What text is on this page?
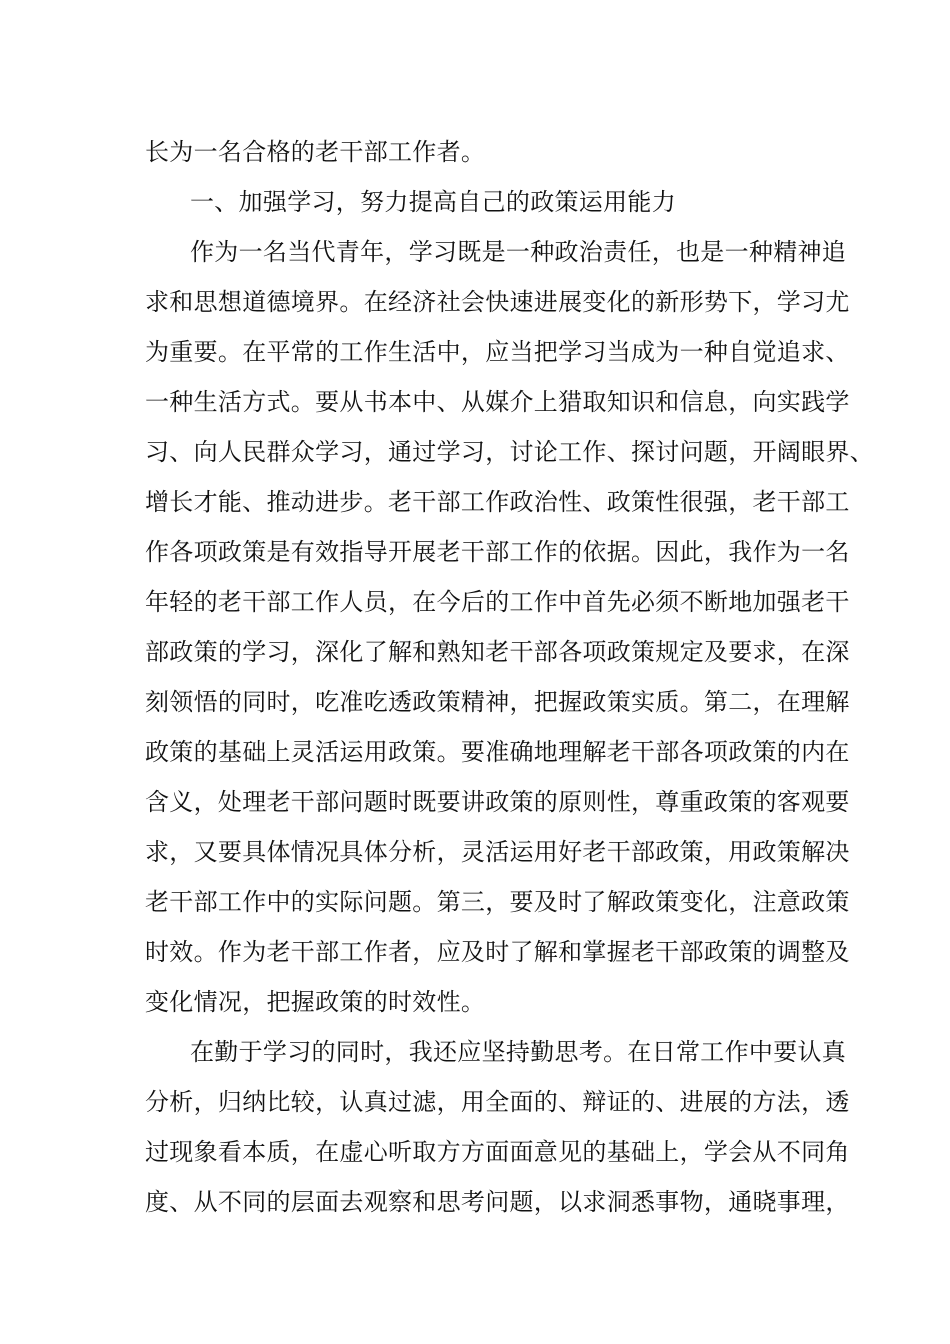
长为一名合格的老干部工作者。

一、加强学习，努力提高自己的政策运用能力

作为一名当代青年，学习既是一种政治责任，也是一种精神追

求和思想道德境界。在经济社会快速进展变化的新形势下，学习尤

为重要。在平常的工作生活中，应当把学习当成为一种自觉追求、

一种生活方式。要从书本中、从媒介上猎取知识和信息，向实践学

习、向人民群众学习，通过学习，讨论工作、探讨问题，开阔眼界、

增长才能、推动进步。老干部工作政治性、政策性很强，老干部工

作各项政策是有效指导开展老干部工作的依据。因此，我作为一名

年轻的老干部工作人员，在今后的工作中首先必须不断地加强老干

部政策的学习，深化了解和熟知老干部各项政策规定及要求，在深

刻领悟的同时，吃准吃透政策精神，把握政策实质。第二，在理解

政策的基础上灵活运用政策。要准确地理解老干部各项政策的内在

含义，处理老干部问题时既要讲政策的原则性，尊重政策的客观要

求，又要具体情况具体分析，灵活运用好老干部政策，用政策解决

老干部工作中的实际问题。第三，要及时了解政策变化，注意政策

时效。作为老干部工作者，应及时了解和掌握老干部政策的调整及

变化情况，把握政策的时效性。

在勤于学习的同时，我还应坚持勤思考。在日常工作中要认真

分析，归纳比较，认真过滤，用全面的、辩证的、进展的方法，透

过现象看本质，在虚心听取方方面面意见的基础上，学会从不同角

度、从不同的层面去观察和思考问题，以求洞悉事物，通晓事理，
